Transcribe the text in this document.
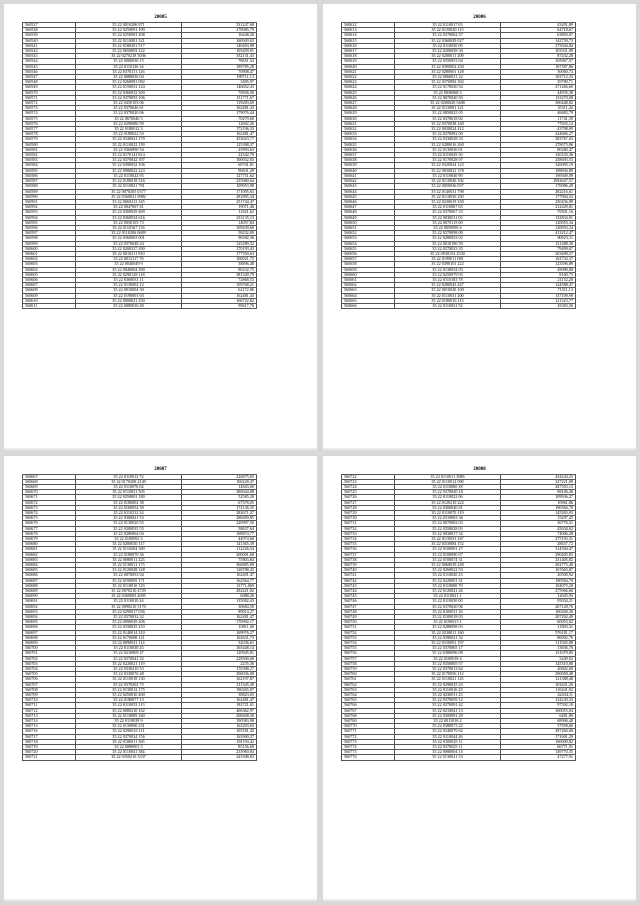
20085
560537	35 22 0010206 971	531247,68
560538	35 22 0250091 109	278085,79
560539	35 22 0250081 208	16448,20
560540	35 22 0110081 321	160949,63
560541	35 22 0180201 517	140403,98
560542	35 22 0650003 122	105459,91
560543	35 22 0270218 3036	332131,43
560544	35 22 0060030 15	78651,52
560545	35 22 0110136 34	189785,28
560546	35 22 0370111 126	70908,47
560547	35 22 0080036 04	189711,13
560548	35 22 0260081 082	3495,97
560549	35 22 0150031 124	146652,43
560570	35 22 0360032 300	70836,56
560571	35 22 0370093 106	151771,67
560572	35 22 0450103 06	119283,69
560573	35 22 0370046 61	162481,43
560574	35 22 0370020 06	179076,44
560575	35 22 0670040 3	70479,60
560576	35 22 0290080 59	12692,26
560577	35 22 0180012 3	172196,33
560578	35 22 0180022 53	162481,47
560579	35 22 0340041 179	453023,77
560580	35 22 0110022 159	125398,37
560581	35 22 0360090 54	25993,63
560582	35 22 0170141 814	24342,79
560583	35 22 0370042 397	100032,83
560584	35 22 0390032 106	60741,81
560585	35 22 0080022 223	90631,29
560586	35 22 0110022 93	127751,62
560587	35 22 0180018 316	235960,64
560588	35 22 0110021 781	109953,98
560589	35 22 0070205 0377	171095,63
560590	35 22 0360021 0982	281895,34
560591	35 22 0660213 345	251744,47
560592	35 22 0047067 61	19071,46
560593	35 22 0300029 409	11621,62
560594	35 22 0360034 616	233135,13
560595	35 22 0050103 73	14057,84
560596	35 22 0110167 133	109439,60
560597	35 22 0110206 0689	58232,09
560598	35 22 0360063 001	96582,36
560599	35 22 0370048 24	125289,32
560600	35 22 0200337 290	170193,43
560601	35 22 0010211 810	177550,63
560602	35 22 0012117 76	100021,75
560603	35 22 0040049 9	38896,48
560604	35 22 0040004 300	80232,75
560605	35 22 0290128 118	381349,79
560606	35 22 0360031 11	72868,53
560607	35 22 0130002 12	109768,21
560608	35 22 0010004 30	62172,86
560609	35 22 0190001 03	162481,43
560610	35 22 0000021 250	166722,82
560611	35 22 0080030 49	99617,76
20086
560612	35 22 0110017 03	43291,89
560613	35 22 0150020 115	64718,67
560614	35 22 0370062 37	63893,07
560615	35 22 0360029 027	142739,73
560616	35 22 0110030 09	275044,84
560617	35 22 0200058 30	103331,98
560618	35 22 0200011 209	87432,28
560619	35 22 0350053 04	105967,57
560620	35 22 0390002 230	167587,86
560621	35 22 0280001 128	30060,74
560622	35 22 0060021 22	102712,33
560623	35 22 0370082 302	39780,71
560624	35 22 0170020 54	271266,60
560625	35 22 0030068 3	44935,38
560626	35 22 0070040 50	153270,08
560627	35 22 0200020 5408	300448,82
560628	35 22 0110081 121	35311,42
560629	35 22 0050025 05	46683,79
560630	35 22 0370018 02	11741,39
560631	35 22 0370038 140	77635,12
560632	35 22 0030024 412	43798,09
560633	35 22 0370082 00	244666,27
560634	35 22 0330028 33	383767,03
560635	35 22 0280016 260	278075,86
560636	35 22 0130030 01	80280,47
560637	35 22 0110029 30	320103,36
560638	35 22 0170028 07	258693,53
560639	35 22 0320024 123	326095,19
560640	35 22 0030021 378	198836,89
560641	35 22 0110040 90	196949,09
560642	35 22 0110040 102	1092647,57
560643	35 22 0050036 037	170086,28
560644	35 22 0140031 798	282216,61
560645	35 22 0110030 250	177904,53
560646	35 22 0230019 330	250436,89
560647	35 22 0110067 03	212429,01
560648	35 22 0370067 33	79501,16
560649	35 22 0030011 03	132834,01
560650	35 22 0070115 00	120053,34
560651	35 22 0050090 4	120053,34
560652	35 22 0370098 09	413212,47
560653	35 22 0280033 02	80023,11
560654	35 22 0010190 59	131488,30
560655	35 22 0370023 35	79499,67
560656	35 22 0030154 2530	203498,37
560657	35 22 0190011 081	162734,37
560658	35 22 0390101 222	123596,89
560659	35 22 0130034 03	49080,08
560660	35 22 0250079 03	8160,73
560661	35 22 0110103 78	21152,28
560662	35 22 0280045 247	124588,47
560663	35 22 0010020 100	71511,13
560664	35 22 0110031 200	137109,99
560665	35 22 0180016 113	121323,77
560666	35 22 0110031 52	45303,56
20087
560667	35 22 0110012 72	226875,65
560668	35 22 0170208 2149	100228,47
560669	35 22 0110076 04	14843,00
560670	35 22 0110031 503	280044,88
560671	35 22 0250001 180	52585,28
560672	35 22 0180002 38	67378,05
560673	35 22 0100054 39	172136,35
560674	35 22 0110212 34	282671,27
560675	35 22 0300021 53	288400,85
560676	35 22 0130020 55	220997,50
560677	35 22 0300035 53	58637,64
560678	35 22 0280064 04	168874,77
560679	35 22 0180092 3	44974,60
560680	35 22 0200030 117	141365,39
560681	35 22 0110204 369	112226,54
560682	35 22 0180070 36	200001,60
560683	35 22 0080011 223	75803,84
560684	35 22 0130011 173	366885,89
560685	35 22 0120028 128	128788,43
560686	35 22 0070053 04	162491,47
560687	35 22 0190005 171	162564,77
560688	35 22 0110010 123	13771,069
560689	35 22 0070210 4729	282421,82
560690	35 22 0360003 4095	6088,26
560691	35 22 0110010 44	135082,43
560692	35 22 0090210 3170	30684,50
560693	35 22 0290017 036	89014,27
560694	35 22 0370032 32	162481,47
560695	35 22 0090029 206	170992,17
560696	35 22 0330025 233	10811,00
560697	35 22 0140014 310	169976,27
560698	35 22 0170008 121	162631,73
560699	35 22 0090011 114	32036,61
560700	35 22 0110030 25	165448,14
560701	35 22 0210069 47	120945,81
560702	35 22 0370041 32	228500,60
560703	35 22 0220021 119	2235,36
560704	35 22 0330210 53	170398,27
560705	35 22 0330076 48	206036,00
560706	35 22 0110018 130	162197,87
560707	35 22 0370202 75	211345,49
560708	35 22 0130012 175	180265,07
560709	35 22 0250010 400	38823,03
560710	35 22 0180077 13	162481,47
560711	35 22 0110033 113	182721,01
560712	35 22 0080210 162	406362,97
560713	35 22 0110009 160	208408,30
560714	35 22 0110029 9	190583,98
560715	35 22 0130000 231	163203,63
560716	35 22 0290016 111	105181,45
560717	35 22 0370024 156	163900,37
560718	35 22 0180011 365	181193,42
560719	35 22 0080001 5	85156,60
560720	35 22 0110041 384	235960,84
560721	35 22 0350216 3337	243308,83
20088
560722	35 22 0110011 3086	434244,25
560723	35 22 0110012 090	327221,09
560724	35 22 0110060 18	447503,13
560725	35 22 0370040 18	98106,40
560726	35 22 0110022 06	109936,27
560727	35 22 0120210 222	10961,86
560728	35 22 0300040 01	190566,70
560729	35 22 0110070 119	145265,03
560730	35 22 0310003 36	15297,45
560731	35 22 0070002 03	56776,31
560732	35 22 0350028 03	45034,62
560733	35 22 0030017 32	74006,28
560734	35 22 0110033 167	275193,31
560735	35 22 0310084 152	28637,72
560736	35 22 0100001 27	314304,47
560737	35 22 0100090 07	290405,83
560738	35 22 0100074 31	231405,82
560739	35 22 0060019 249	202775,40
560740	35 22 0260022 53	167665,87
560741	35 22 0110020 23	20500,92
560742	35 22 0220001 31	190564,70
560743	35 22 0110000 70	104075,20
560744	35 22 0120021 26	275966,66
560745	35 22 0110021 1	12045,93
560746	35 22 0110030 00	95034,21
560747	35 22 0370020 06	267128,76
560748	35 22 0100011 16	100260,30
560749	35 22 0100018 03	207292,49
560750	35 22 0190013 1	60053,02
560751	35 22 0280098 03	31803,31
560752	35 22 0230011 160	576181,17
560753	35 22 0390021 32	80002,76
560754	35 22 0150091 197	111565,88
560755	35 22 0370065 17	13836,76
560756	35 22 0380096 09	131679,85
560757	35 22 0100018 4	5449,02
560758	35 22 0350005 57	145310,80
560759	35 22 0370013 62	20602,69
560760	35 22 0170056 112	290058,48
560761	35 22 0110021 125	121388,48
560762	35 22 0290025 23	102431,20
560763	35 22 0110016 23	116241,92
560764	35 22 0230011 23	42434,11
560765	35 22 0370059 12	134230,33
560766	35 22 0370091 42	97592,18
560767	35 22 0210041 13	100055,04
560768	35 22 0300091 29	6481,80
560769	35 22 0011016 2	68906,48
560770	35 22 0380073 22	37958,66
560771	35 22 0340079 62	297260,00
560772	35 22 0110044 26	171691,29
560773	35 22 0100025 11	160009,82
560774	35 22 0370025 11	66771,91
560775	35 22 0080004 15	149770,35
560776	35 22 0130021 53	47277,91
